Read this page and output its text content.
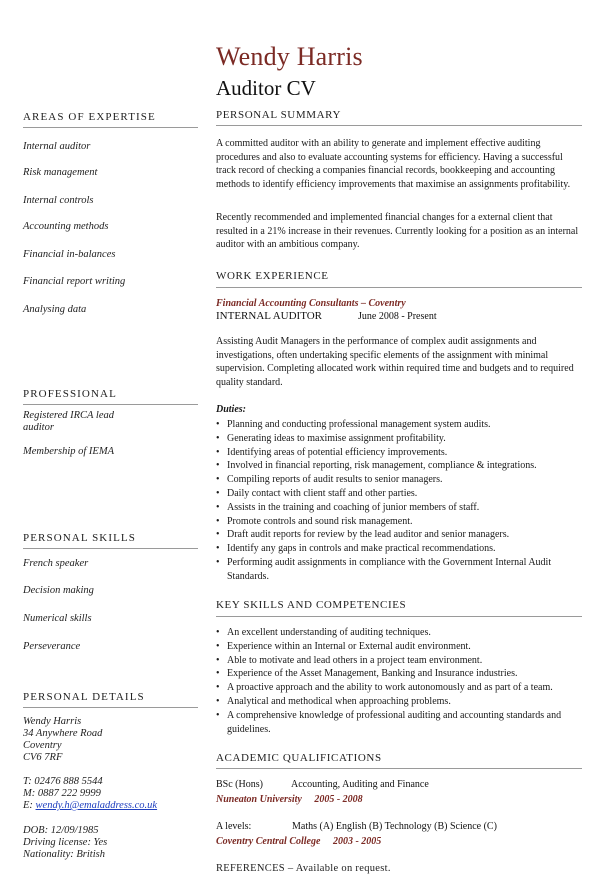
Wendy Harris
Auditor CV
AREAS OF EXPERTISE
Internal auditor
Risk management
Internal controls
Accounting methods
Financial in-balances
Financial report writing
Analysing data
PROFESSIONAL
Registered IRCA lead auditor
Membership of IEMA
PERSONAL SKILLS
French speaker
Decision making
Numerical skills
Perseverance
PERSONAL DETAILS
Wendy Harris
34 Anywhere Road
Coventry
CV6 7RF
T: 02476 888 5544
M: 0887 222 9999
E: wendy.h@emaladdress.co.uk
DOB: 12/09/1985
Driving license: Yes
Nationality: British
PERSONAL SUMMARY

A committed auditor with an ability to generate and implement effective auditing procedures and also to evaluate accounting systems for efficiency. Having a successful track record of checking a companies financial records, bookkeeping and accounting methods to identify efficiency improvements that maximise an assignments profitability.

Recently recommended and implemented financial changes for a external client that resulted in a 21% increase in their revenues. Currently looking for a position as an internal auditor with an ambitious company.

WORK EXPERIENCE
Financial Accounting Consultants – Coventry
INTERNAL AUDITOR	June 2008 - Present

Assisting Audit Managers in the performance of complex audit assignments and investigations, often undertaking specific elements of the assignment with minimal supervision. Completing allocated work within required time and budgets and to required quality standard.

Duties:
• Planning and conducting professional management system audits.
• Generating ideas to maximise assignment profitability.
• Identifying areas of potential efficiency improvements.
• Involved in financial reporting, risk management, compliance & integrations.
• Compiling reports of audit results to senior managers.
• Daily contact with client staff and other parties.
• Assists in the training and coaching of junior members of staff.
• Promote controls and sound risk management.
• Draft audit reports for review by the lead auditor and senior managers.
• Identify any gaps in controls and make practical recommendations.
• Performing audit assignments in compliance with the Government Internal Audit Standards.
KEY SKILLS AND COMPETENCIES
• An excellent understanding of auditing techniques.
• Experience within an Internal or External audit environment.
• Able to motivate and lead others in a project team environment.
• Experience of the Asset Management, Banking and Insurance industries.
• A proactive approach and the ability to work autonomously and as part of a team.
• Analytical and methodical when approaching problems.
• A comprehensive knowledge of professional auditing and accounting standards and guidelines.
ACADEMIC QUALIFICATIONS
BSc (Hons)	Accounting, Auditing and Finance
Nuneaton University     2005 - 2008
A levels:	Maths (A) English (B) Technology (B) Science (C)
Coventry Central College     2003 - 2005
REFERENCES – Available on request.
